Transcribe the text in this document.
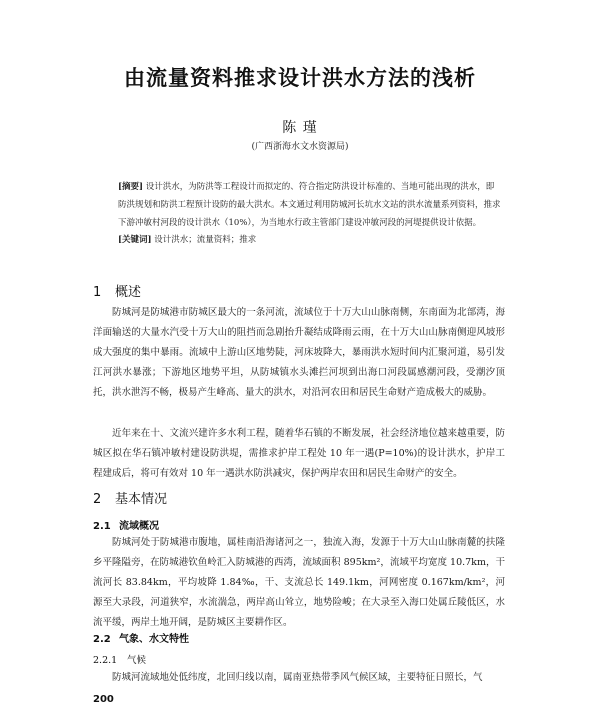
由流量资料推求设计洪水方法的浅析
陈 瑾
(广西浙海水文水资源局)
[摘要] 设计洪水，为防洪等工程设计而拟定的、符合指定防洪设计标准的、当地可能出现的洪水，即防洪规划和防洪工程预计设防的最大洪水。本文通过利用防城河长坑水文站的洪水流量系列资料，推求下游冲敏村河段的设计洪水（10%），为当地水行政主管部门建设冲敏河段的河堤提供设计依据。
[关键词] 设计洪水；流量资料；推求
1 概述
防城河是防城港市防城区最大的一条河流，流域位于十万大山山脉南侧，东南面为北部湾，海洋面输送的大量水汽受十万大山的阻挡而急剧抬升凝结成降雨云雨，在十万大山山脉南侧迎风坡形成大强度的集中暴雨。流域中上游山区地势陡，河床坡降大，暴雨洪水短时间内汇聚河道，易引发江河洪水暴涨；下游地区地势平坦，从防城镇水头滩拦河坝到出海口河段属感潮河段，受潮汐顶托，洪水泄泻不畅，极易产生峰高、量大的洪水，对沿河农田和居民生命财产造成极大的威胁。
近年来在十、文流兴建许多水利工程，随着华石镇的不断发展，社会经济地位越来越重要，防城区拟在华石镇冲敏村建设防洪堤，需推求护岸工程处 10 年一遇(P=10%)的设计洪水，护岸工程建成后，将可有效对 10 年一遇洪水防洪减灾，保护两岸农田和居民生命财产的安全。
2 基本情况
2.1 流域概况
防城河处于防城港市腹地，属桂南沿海诸河之一，独流入海，发源于十万大山山脉南麓的扶隆乡平隆隘旁，在防城港钦鱼岭汇入防城港的西湾，流域面积 895km²，流域平均宽度 10.7km，干流河长 83.84km，平均坡降 1.84‰，干、支流总长 149.1km，河网密度 0.167km/km²，河源至大录段，河道狭窄，水流湍急，两岸高山耸立，地势险峻；在大录至入海口处属丘陵低区，水流平缓，两岸土地开阔，是防城区主要耕作区。
2.2 气象、水文特性
2.2.1 气候
防城河流域地处低纬度，北回归线以南，属南亚热带季风气候区域，主要特征日照长，气
200
